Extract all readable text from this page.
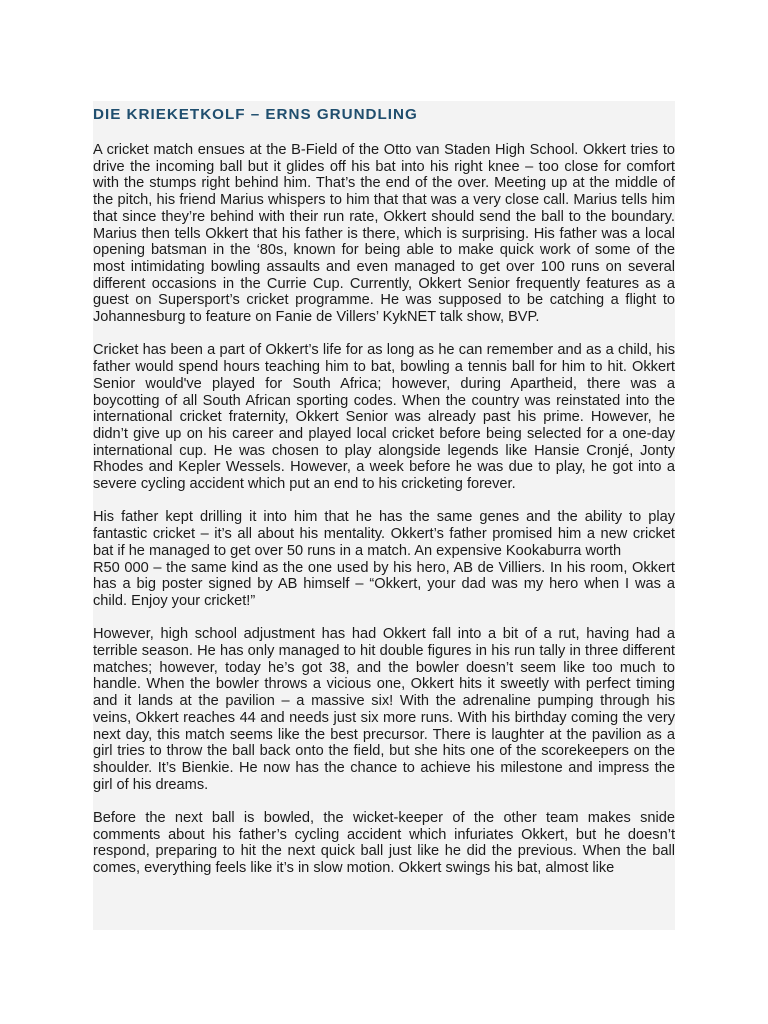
DIE KRIEKETKOLF – ERNS GRUNDLING

A cricket match ensues at the B-Field of the Otto van Staden High School. Okkert tries to drive the incoming ball but it glides off his bat into his right knee – too close for comfort with the stumps right behind him. That’s the end of the over. Meeting up at the middle of the pitch, his friend Marius whispers to him that that was a very close call. Marius tells him that since they’re behind with their run rate, Okkert should send the ball to the boundary. Marius then tells Okkert that his father is there, which is surprising. His father was a local opening batsman in the ‘80s, known for being able to make quick work of some of the most intimidating bowling assaults and even managed to get over 100 runs on several different occasions in the Currie Cup. Currently, Okkert Senior frequently features as a guest on Supersport’s cricket programme. He was supposed to be catching a flight to Johannesburg to feature on Fanie de Villers’ KykNET talk show, BVP.

Cricket has been a part of Okkert’s life for as long as he can remember and as a child, his father would spend hours teaching him to bat, bowling a tennis ball for him to hit. Okkert Senior would've played for South Africa; however, during Apartheid, there was a boycotting of all South African sporting codes. When the country was reinstated into the international cricket fraternity, Okkert Senior was already past his prime. However, he didn’t give up on his career and played local cricket before being selected for a one-day international cup. He was chosen to play alongside legends like Hansie Cronjé, Jonty Rhodes and Kepler Wessels. However, a week before he was due to play, he got into a severe cycling accident which put an end to his cricketing forever.

His father kept drilling it into him that he has the same genes and the ability to play fantastic cricket – it’s all about his mentality. Okkert’s father promised him a new cricket bat if he managed to get over 50 runs in a match. An expensive Kookaburra worth
R50 000 – the same kind as the one used by his hero, AB de Villiers. In his room, Okkert has a big poster signed by AB himself – “Okkert, your dad was my hero when I was a child. Enjoy your cricket!”

However, high school adjustment has had Okkert fall into a bit of a rut, having had a terrible season. He has only managed to hit double figures in his run tally in three different matches; however, today he’s got 38, and the bowler doesn’t seem like too much to handle. When the bowler throws a vicious one, Okkert hits it sweetly with perfect timing and it lands at the pavilion – a massive six! With the adrenaline pumping through his veins, Okkert reaches 44 and needs just six more runs. With his birthday coming the very next day, this match seems like the best precursor. There is laughter at the pavilion as a girl tries to throw the ball back onto the field, but she hits one of the scorekeepers on the shoulder. It’s Bienkie. He now has the chance to achieve his milestone and impress the girl of his dreams.

Before the next ball is bowled, the wicket-keeper of the other team makes snide comments about his father’s cycling accident which infuriates Okkert, but he doesn’t respond, preparing to hit the next quick ball just like he did the previous. When the ball comes, everything feels like it’s in slow motion. Okkert swings his bat, almost like
